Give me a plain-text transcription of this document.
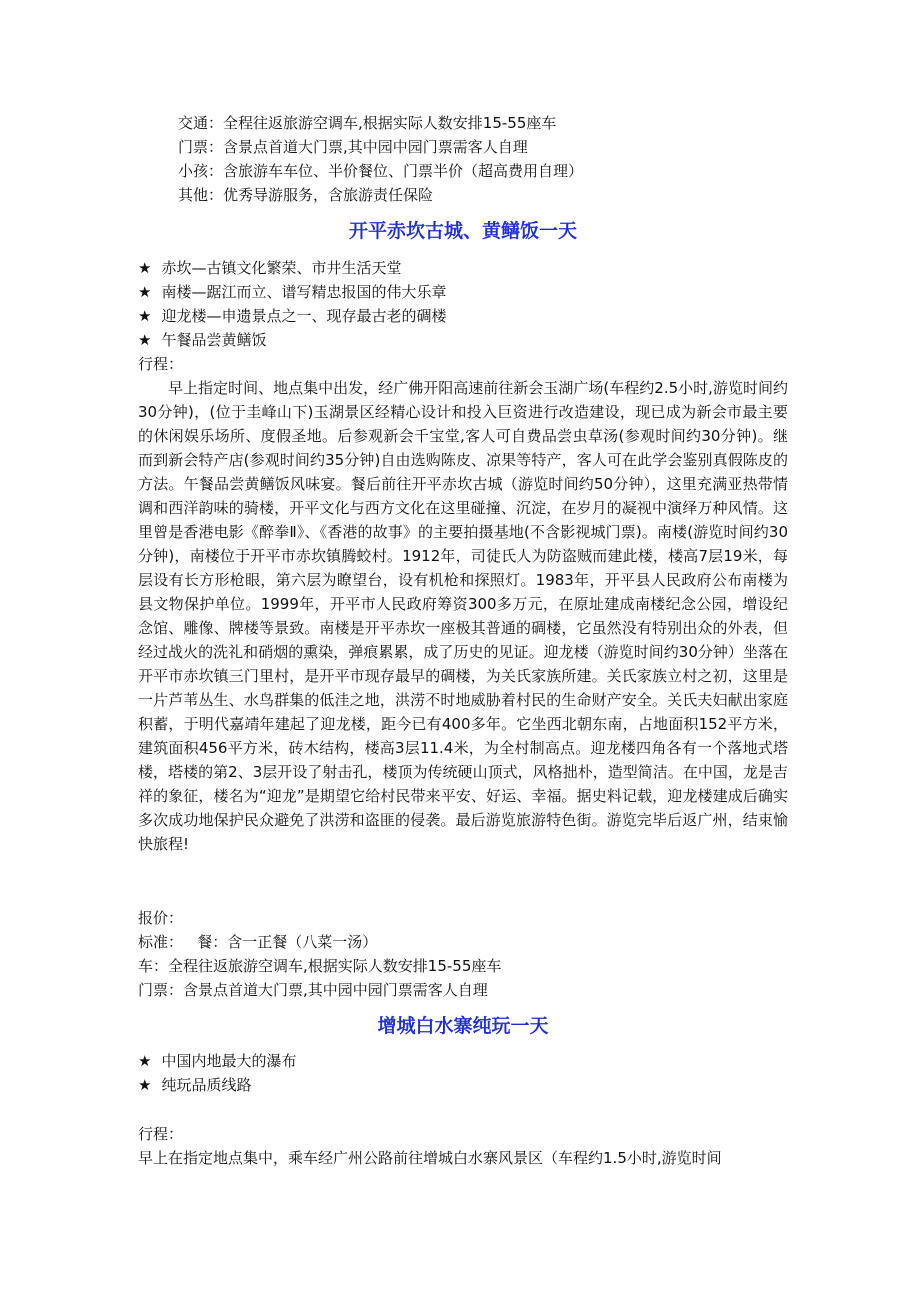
交通：全程往返旅游空调车,根据实际人数安排15-55座车
门票：含景点首道大门票,其中园中园门票需客人自理
小孩：含旅游车车位、半价餐位、门票半价（超高费用自理）
其他：优秀导游服务，含旅游责任保险
开平赤坎古城、黄鳝饭一天
★ 赤坎—古镇文化繁荣、市井生活天堂
★ 南楼—踞江而立、谱写精忠报国的伟大乐章
★ 迎龙楼—申遗景点之一、现存最古老的碉楼
★ 午餐品尝黄鳝饭
行程：

早上指定时间、地点集中出发，经广佛开阳高速前往新会玉湖广场(车程约2.5小时,游览时间约30分钟)，(位于圭峰山下)玉湖景区经精心设计和投入巨资进行改造建设，现已成为新会市最主要的休闲娱乐场所、度假圣地。后参观新会千宝堂,客人可自费品尝虫草汤(参观时间约30分钟)。继而到新会特产店(参观时间约35分钟)自由选购陈皮、凉果等特产，客人可在此学会鉴别真假陈皮的方法。午餐品尝黄鳝饭风味宴。餐后前往开平赤坎古城（游览时间约50分钟），这里充满亚热带情调和西洋韵味的骑楼，开平文化与西方文化在这里碰撞、沉淀，在岁月的凝视中演绎万种风情。这里曾是香港电影《醉拳Ⅱ》、《香港的故事》的主要拍摄基地(不含影视城门票)。南楼(游览时间约30分钟)，南楼位于开平市赤坎镇腾蛟村。1912年，司徒氏人为防盗贼而建此楼，楼高7层19米，每层设有长方形枪眼，第六层为瞭望台，设有机枪和探照灯。1983年，开平县人民政府公布南楼为县文物保护单位。1999年，开平市人民政府筹资300多万元，在原址建成南楼纪念公园，增设纪念馆、雕像、牌楼等景致。南楼是开平赤坎一座极其普通的碉楼，它虽然没有特别出众的外表，但经过战火的洗礼和硝烟的熏染，弹痕累累，成了历史的见证。迎龙楼（游览时间约30分钟）坐落在开平市赤坎镇三门里村，是开平市现存最早的碉楼，为关氏家族所建。关氏家族立村之初，这里是一片芦苇丛生、水鸟群集的低洼之地，洪涝不时地威胁着村民的生命财产安全。关氏夫妇献出家庭积蓄，于明代嘉靖年建起了迎龙楼，距今已有400多年。它坐西北朝东南，占地面积152平方米，建筑面积456平方米，砖木结构，楼高3层11.4米，为全村制高点。迎龙楼四角各有一个落地式塔楼，塔楼的第2、3层开设了射击孔，楼顶为传统硬山顶式，风格拙朴，造型简洁。在中国，龙是吉祥的象征，楼名为“迎龙”是期望它给村民带来平安、好运、幸福。据史料记载，迎龙楼建成后确实多次成功地保护民众避免了洪涝和盗匪的侵袭。最后游览旅游特色街。游览完毕后返广州，结束愉快旅程!

报价：
标准：   餐：含一正餐（八菜一汤）
车：全程往返旅游空调车,根据实际人数安排15-55座车
门票：含景点首道大门票,其中园中园门票需客人自理
增城白水寨纯玩一天
★ 中国内地最大的瀑布
★ 纯玩品质线路
行程：
早上在指定地点集中，乘车经广州公路前往增城白水寨风景区（车程约1.5小时,游览时间
